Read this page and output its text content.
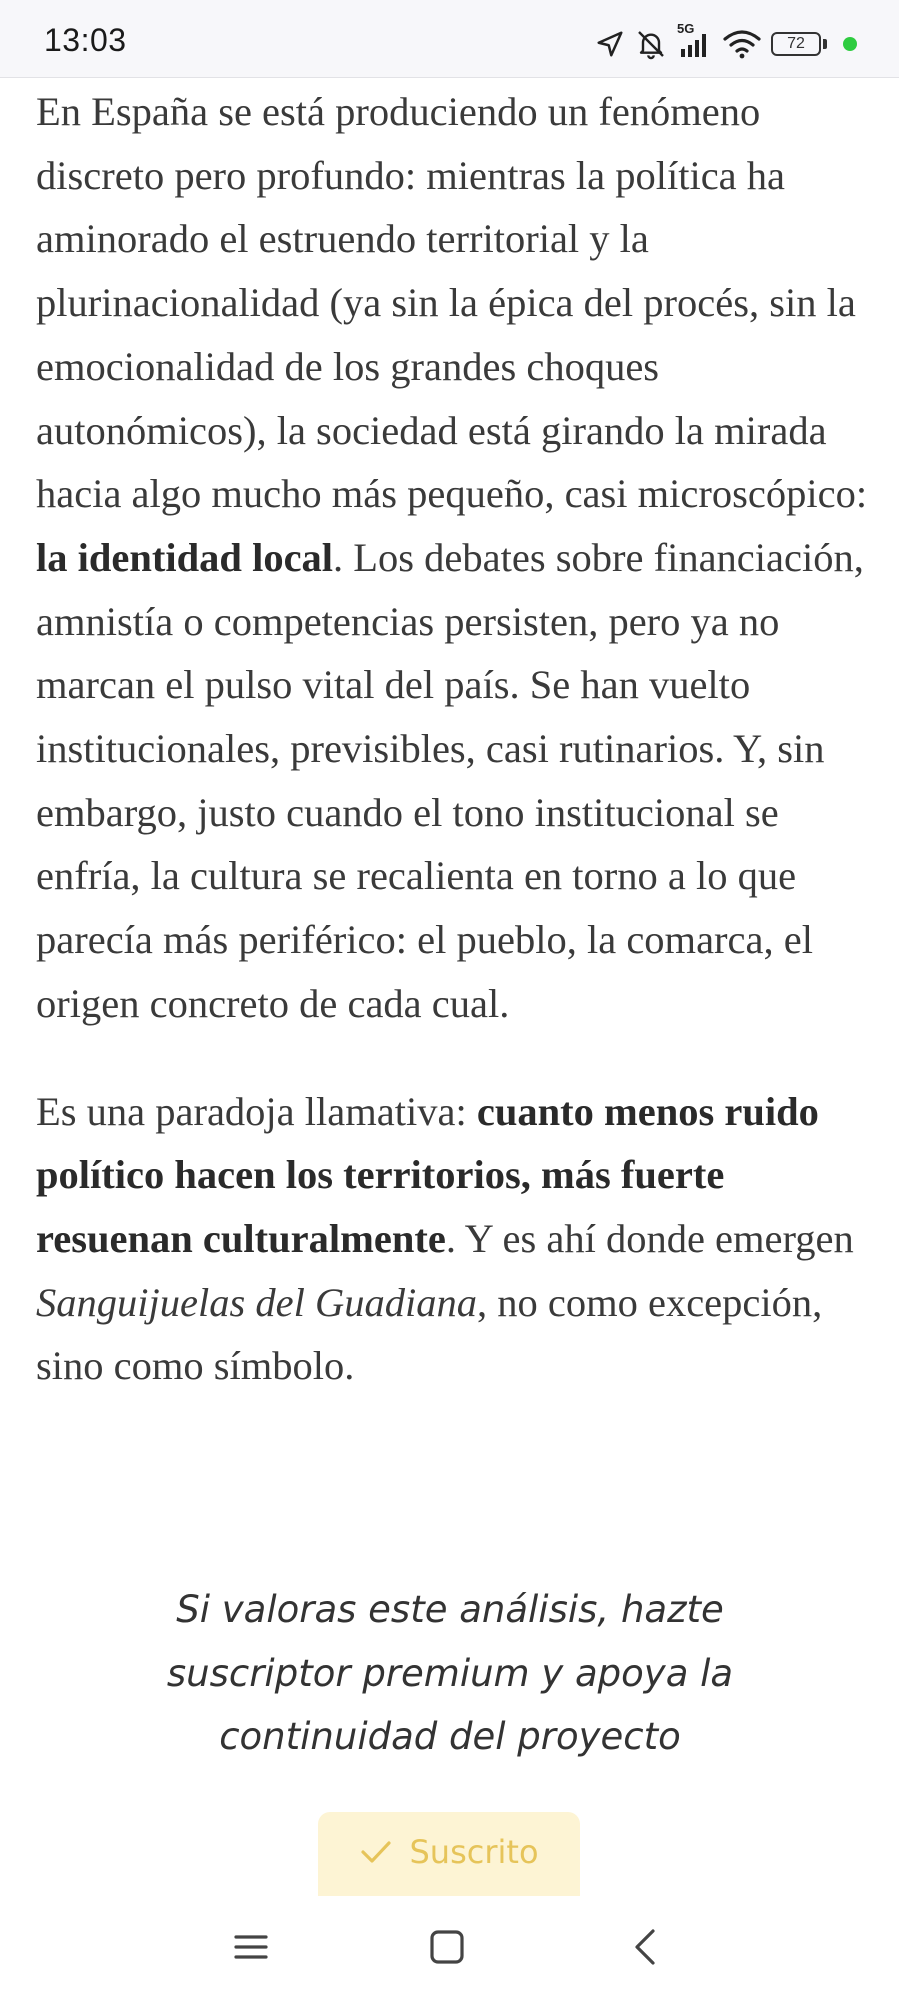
13:03	5G
72

En España se está produciendo un fenómeno discreto pero profundo: mientras la política ha aminorado el estruendo territorial y la plurinacionalidad (ya sin la épica del procés, sin la emocionalidad de los grandes choques autonómicos), la sociedad está girando la mirada hacia algo mucho más pequeño, casi microscópico: la identidad local. Los debates sobre financiación, amnistía o competencias persisten, pero ya no marcan el pulso vital del país. Se han vuelto institucionales, previsibles, casi rutinarios. Y, sin embargo, justo cuando el tono institucional se enfría, la cultura se recalienta en torno a lo que parecía más periférico: el pueblo, la comarca, el origen concreto de cada cual.

Es una paradoja llamativa: cuanto menos ruido político hacen los territorios, más fuerte resuenan culturalmente. Y es ahí donde emergen Sanguijuelas del Guadiana, no como excepción, sino como símbolo.

Si valoras este análisis, hazte suscriptor premium y apoya la continuidad del proyecto
Suscrito
